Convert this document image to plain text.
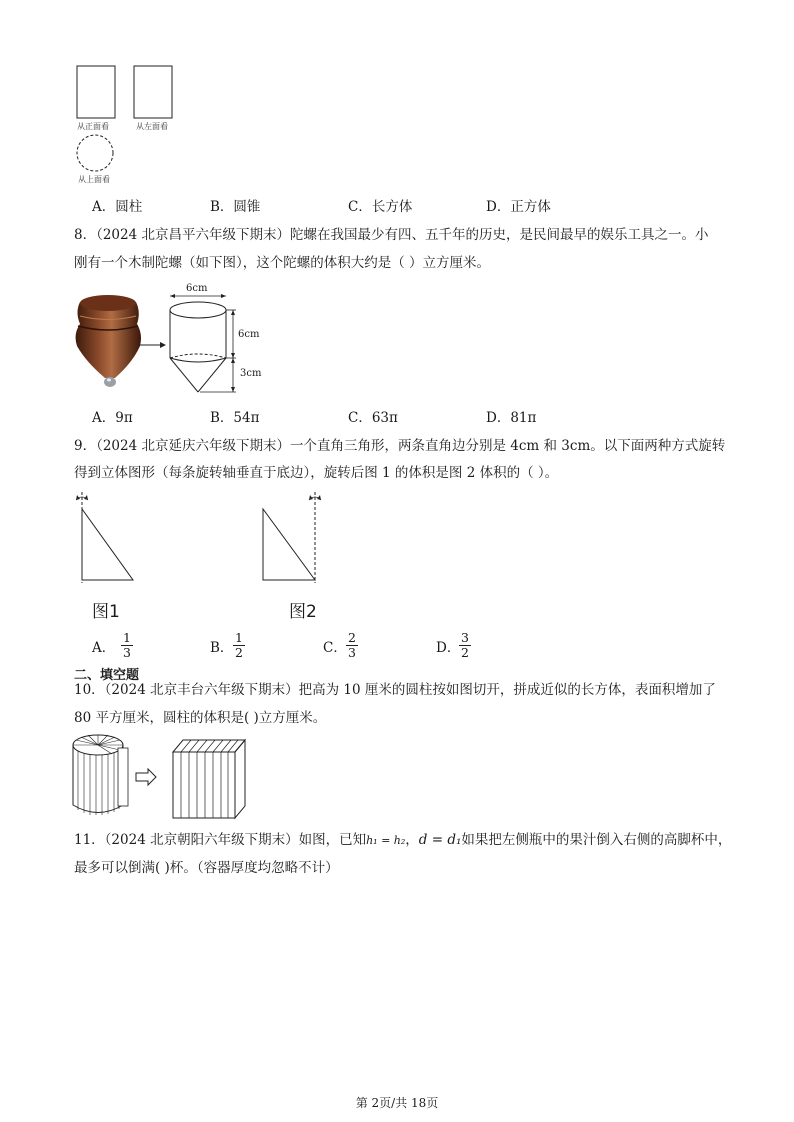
从正面看	从左面看
从上面看
A．圆柱	B．圆锥	C．长方体	D．正方体
8．（2024 北京昌平六年级下期末）陀螺在我国最少有四、五千年的历史，是民间最早的娱乐工具之一。小
刚有一个木制陀螺（如下图），这个陀螺的体积大约是（ ）立方厘米。
6cm
6cm
3cm
A．9π	B．54π	C．63π	D．81π
9．（2024 北京延庆六年级下期末）一个直角三角形，两条直角边分别是 4cm 和 3cm。以下面两种方式旋转
得到立体图形（每条旋转轴垂直于底边），旋转后图 1 的体积是图 2 体积的（ ）。
图1	图2
A． $\frac{1}{3}$	B． $\frac{1}{2}$	C． $\frac{2}{3}$	D．
$\frac{3}{2}$
二、填空题
10．（2024 北京丰台六年级下期末）把高为 10 厘米的圆柱按如图切开，拼成近似的长方体，表面积增加了
80 平方厘米，圆柱的体积是( )立方厘米。
11．（2024 北京朝阳六年级下期末）如图，已知h₁ = h₂，d = d₁如果把左侧瓶中的果汁倒入右侧的高脚杯中，
最多可以倒满( )杯。（容器厚度均忽略不计）
第 2页/共 18页
